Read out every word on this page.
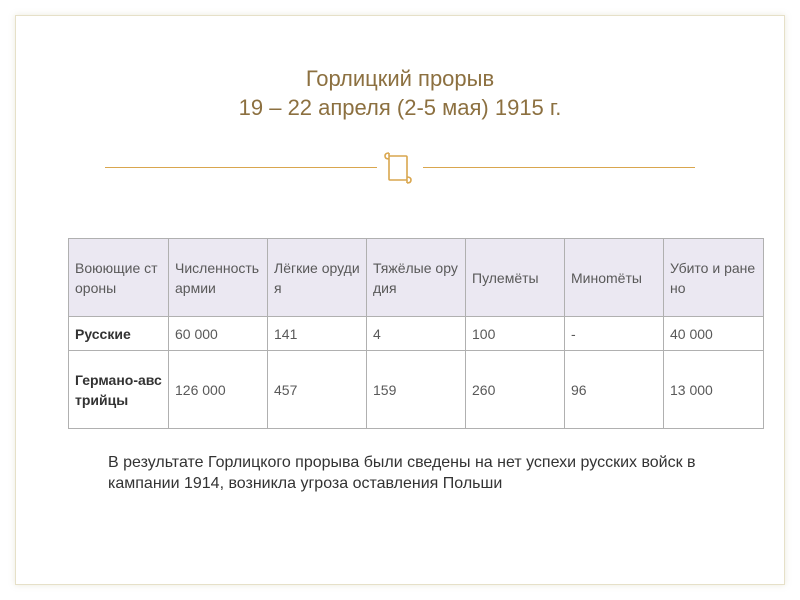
Горлицкий прорыв
19 – 22 апреля (2-5 мая) 1915 г.
Воюющие стороны	Численность армии	Лёгкие орудия	Тяжёлые орудия	Пулемёты	Минomёты	Убито и ранено
Русские	60 000	141	4	100	-	40 000
Германо-австрийцы	126 000	457	159	260	96	13 000
В результате Горлицкого прорыва были сведены на нет успехи русских войск в кампании 1914, возникла угроза оставления Польши
